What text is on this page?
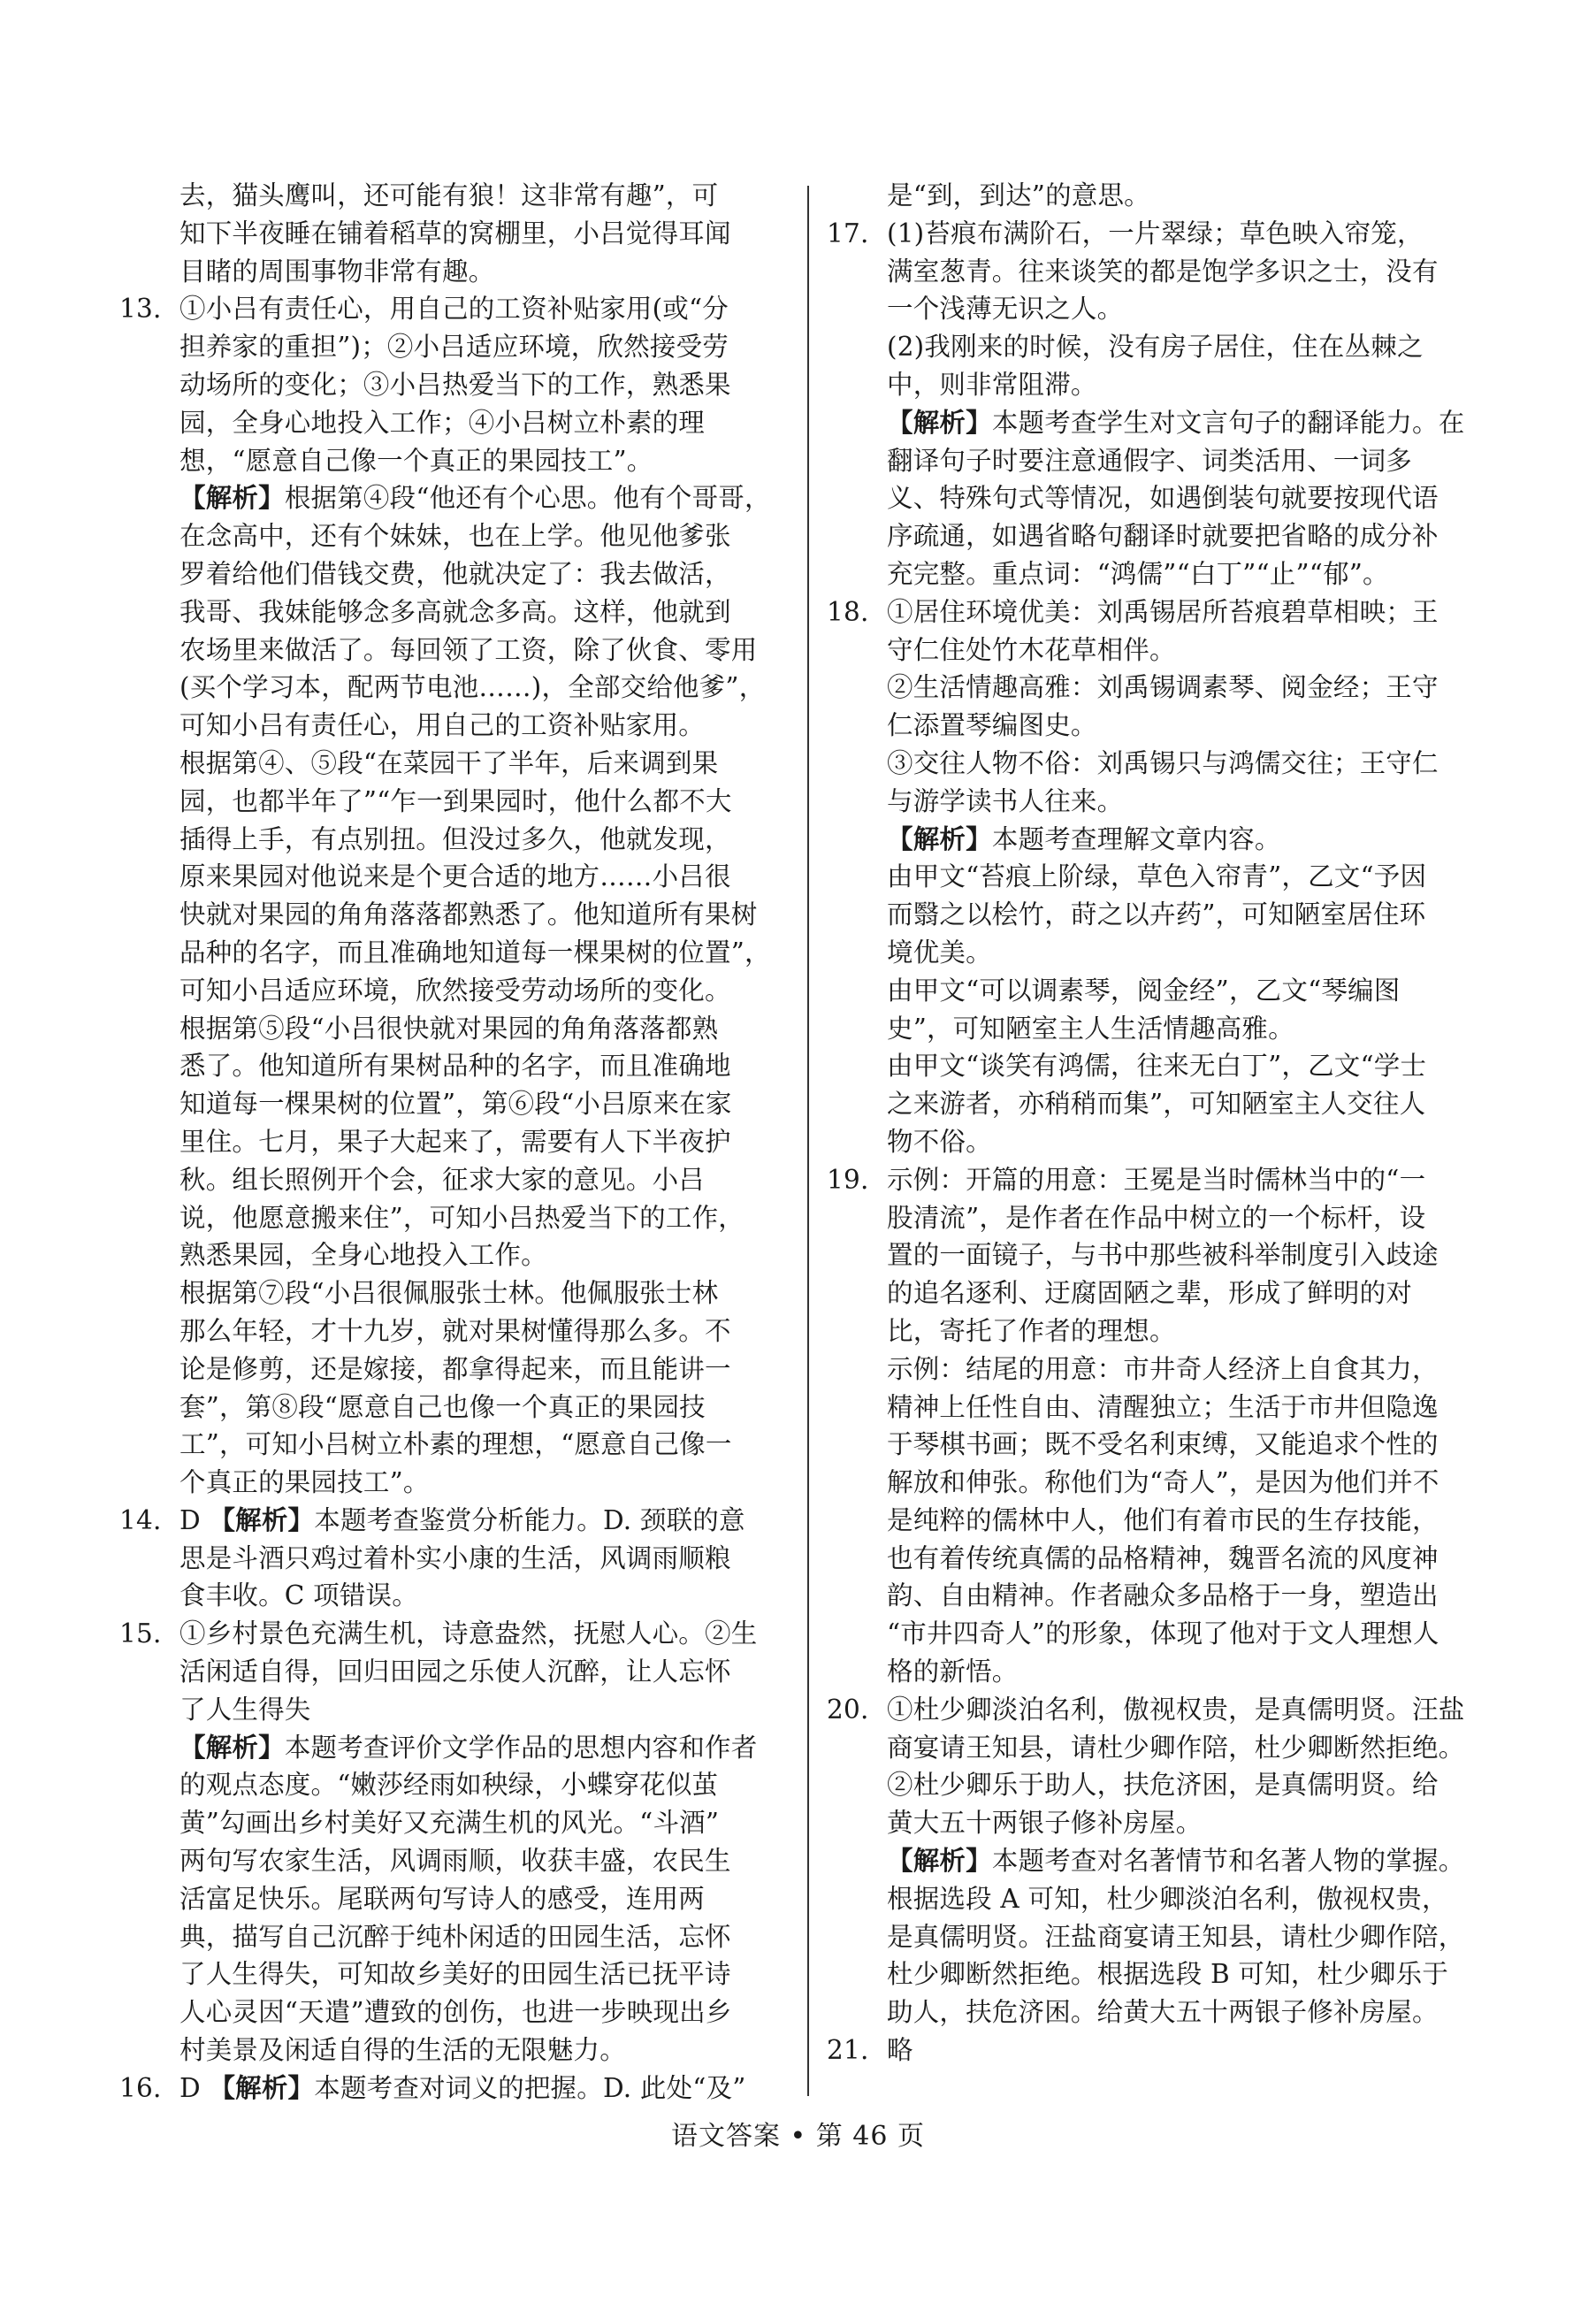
去，猫头鹰叫，还可能有狼！这非常有趣”，可
知下半夜睡在铺着稻草的窝棚里，小吕觉得耳闻
目睹的周围事物非常有趣。
13. ①小吕有责任心，用自己的工资补贴家用(或“分
担养家的重担”)；②小吕适应环境，欣然接受劳
动场所的变化；③小吕热爱当下的工作，熟悉果
园，全身心地投入工作；④小吕树立朴素的理
想，“愿意自己像一个真正的果园技工”。
【解析】根据第④段“他还有个心思。他有个哥哥，
在念高中，还有个妹妹，也在上学。他见他爹张
罗着给他们借钱交费，他就决定了：我去做活，
我哥、我妹能够念多高就念多高。这样，他就到
农场里来做活了。每回领了工资，除了伙食、零用
(买个学习本，配两节电池……)，全部交给他爹”，
可知小吕有责任心，用自己的工资补贴家用。
根据第④、⑤段“在菜园干了半年，后来调到果
园，也都半年了”“乍一到果园时，他什么都不大
插得上手，有点别扭。但没过多久，他就发现，
原来果园对他说来是个更合适的地方……小吕很
快就对果园的角角落落都熟悉了。他知道所有果树
品种的名字，而且准确地知道每一棵果树的位置”，
可知小吕适应环境，欣然接受劳动场所的变化。
根据第⑤段“小吕很快就对果园的角角落落都熟
悉了。他知道所有果树品种的名字，而且准确地
知道每一棵果树的位置”，第⑥段“小吕原来在家
里住。七月，果子大起来了，需要有人下半夜护
秋。组长照例开个会，征求大家的意见。小吕
说，他愿意搬来住”，可知小吕热爱当下的工作，
熟悉果园，全身心地投入工作。
根据第⑦段“小吕很佩服张士林。他佩服张士林
那么年轻，才十九岁，就对果树懂得那么多。不
论是修剪，还是嫁接，都拿得起来，而且能讲一
套”，第⑧段“愿意自己也像一个真正的果园技
工”，可知小吕树立朴素的理想，“愿意自己像一
个真正的果园技工”。
14. D 【解析】本题考查鉴赏分析能力。D. 颈联的意
思是斗酒只鸡过着朴实小康的生活，风调雨顺粮
食丰收。C 项错误。
15. ①乡村景色充满生机，诗意盎然，抚慰人心。②生
活闲适自得，回归田园之乐使人沉醉，让人忘怀
了人生得失
【解析】本题考查评价文学作品的思想内容和作者
的观点态度。“嫩莎经雨如秧绿，小蝶穿花似茧
黄”勾画出乡村美好又充满生机的风光。“斗酒”
两句写农家生活，风调雨顺，收获丰盛，农民生
活富足快乐。尾联两句写诗人的感受，连用两
典，描写自己沉醉于纯朴闲适的田园生活，忘怀
了人生得失，可知故乡美好的田园生活已抚平诗
人心灵因“天遣”遭致的创伤，也进一步映现出乡
村美景及闲适自得的生活的无限魅力。
16. D 【解析】本题考查对词义的把握。D. 此处“及”
是“到，到达”的意思。
17. (1)苔痕布满阶石，一片翠绿；草色映入帘笼，
满室葱青。往来谈笑的都是饱学多识之士，没有
一个浅薄无识之人。
(2)我刚来的时候，没有房子居住，住在丛棘之
中，则非常阻滞。
【解析】本题考查学生对文言句子的翻译能力。在
翻译句子时要注意通假字、词类活用、一词多
义、特殊句式等情况，如遇倒装句就要按现代语
序疏通，如遇省略句翻译时就要把省略的成分补
充完整。重点词：“鸿儒”“白丁”“止”“郁”。
18. ①居住环境优美：刘禹锡居所苔痕碧草相映；王
守仁住处竹木花草相伴。
②生活情趣高雅：刘禹锡调素琴、阅金经；王守
仁添置琴编图史。
③交往人物不俗：刘禹锡只与鸿儒交往；王守仁
与游学读书人往来。
【解析】本题考查理解文章内容。
由甲文“苔痕上阶绿，草色入帘青”，乙文“予因
而翳之以桧竹，莳之以卉药”，可知陋室居住环
境优美。
由甲文“可以调素琴，阅金经”，乙文“琴编图
史”，可知陋室主人生活情趣高雅。
由甲文“谈笑有鸿儒，往来无白丁”，乙文“学士
之来游者，亦稍稍而集”，可知陋室主人交往人
物不俗。
19. 示例：开篇的用意：王冕是当时儒林当中的“一
股清流”，是作者在作品中树立的一个标杆，设
置的一面镜子，与书中那些被科举制度引入歧途
的追名逐利、迂腐固陋之辈，形成了鲜明的对
比，寄托了作者的理想。
示例：结尾的用意：市井奇人经济上自食其力，
精神上任性自由、清醒独立；生活于市井但隐逸
于琴棋书画；既不受名利束缚，又能追求个性的
解放和伸张。称他们为“奇人”，是因为他们并不
是纯粹的儒林中人，他们有着市民的生存技能，
也有着传统真儒的品格精神，魏晋名流的风度神
韵、自由精神。作者融众多品格于一身，塑造出
“市井四奇人”的形象，体现了他对于文人理想人
格的新悟。
20. ①杜少卿淡泊名利，傲视权贵，是真儒明贤。汪盐
商宴请王知县，请杜少卿作陪，杜少卿断然拒绝。
②杜少卿乐于助人，扶危济困，是真儒明贤。给
黄大五十两银子修补房屋。
【解析】本题考查对名著情节和名著人物的掌握。
根据选段 A 可知，杜少卿淡泊名利，傲视权贵，
是真儒明贤。汪盐商宴请王知县，请杜少卿作陪，
杜少卿断然拒绝。根据选段 B 可知，杜少卿乐于
助人，扶危济困。给黄大五十两银子修补房屋。
21. 略
语文答案 • 第 46 页
